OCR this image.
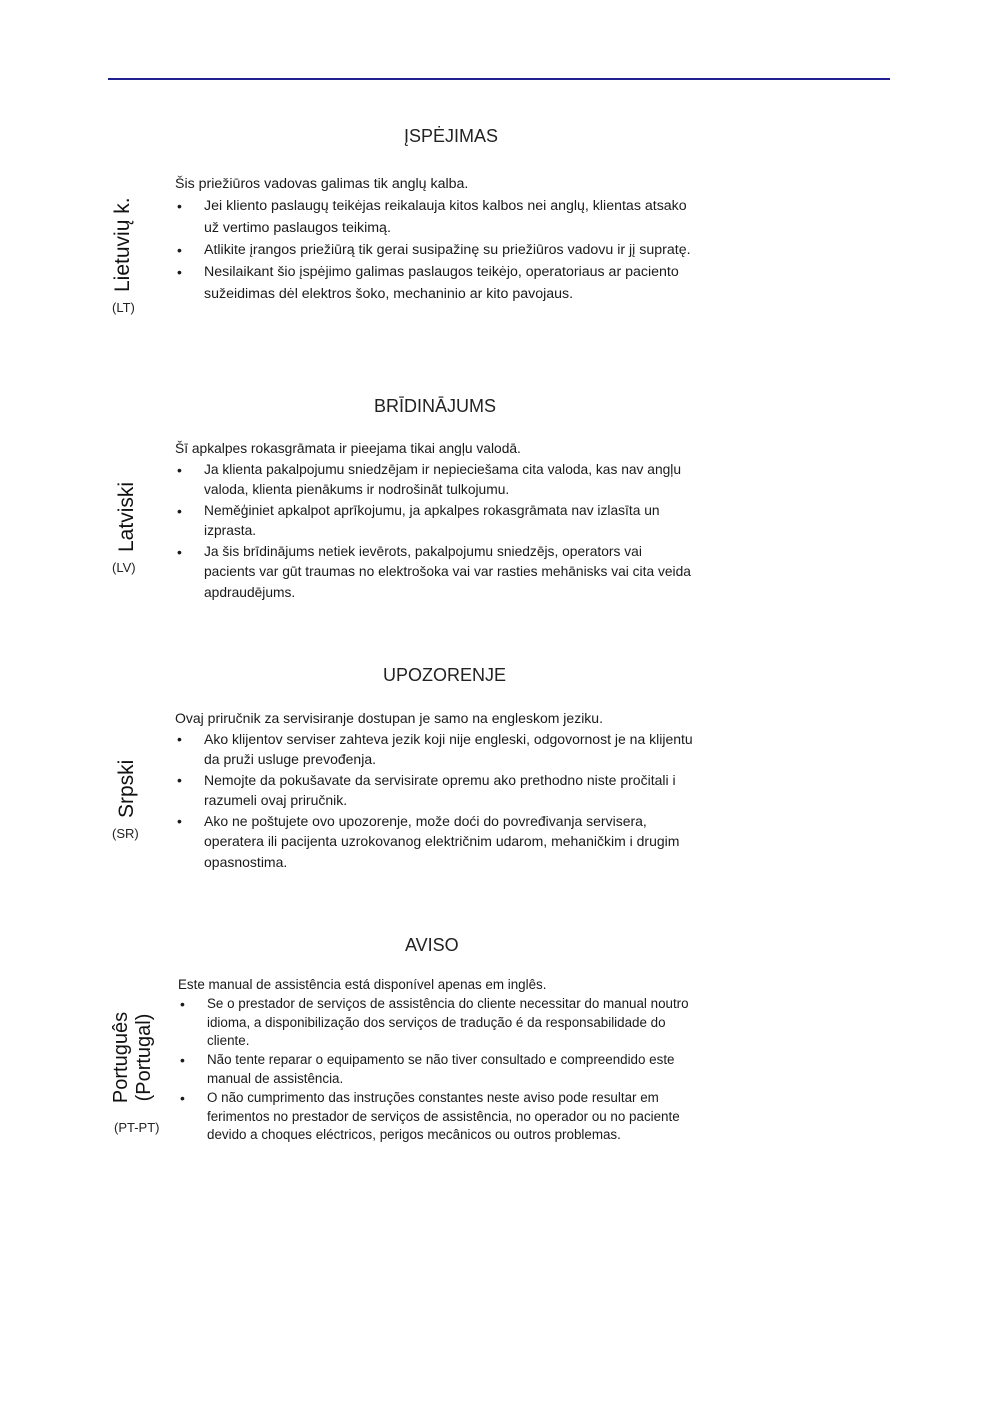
ĮSPĖJIMAS
Lietuvių k.
(LT)

Šis priežiūros vadovas galimas tik anglų kalba.

• Jei kliento paslaugų teikėjas reikalauja kitos kalbos nei anglų, klientas atsako už vertimo paslaugos teikimą.
• Atlikite įrangos priežiūrą tik gerai susipažinę su priežiūros vadovu ir jį supratę.
• Nesilaikant šio įspėjimo galimas paslaugos teikėjo, operatoriaus ar paciento sužeidimas dėl elektros šoko, mechaninio ar kito pavojaus.
BRĪDINĀJUMS
Latviski
(LV)

Šī apkalpes rokasgrāmata ir pieejama tikai angļu valodā.

• Ja klienta pakalpojumu sniedzējam ir nepieciešama cita valoda, kas nav angļu valoda, klienta pienākums ir nodrošināt tulkojumu.
• Neměģiniet apkalpot aprīkojumu, ja apkalpes rokasgrāmata nav izlasīta un izprasta.
• Ja šis brīdinājums netiek ievērots, pakalpojumu sniedzējs, operators vai pacients var gūt traumas no elektrošoka vai var rasties mehānisks vai cita veida apdraudējums.
UPOZORENJE
Srpski
(SR)

Ovaj priručnik za servisiranje dostupan je samo na engleskom jeziku.

• Ako klijentov serviser zahteva jezik koji nije engleski, odgovornost je na klijentu da pruži usluge prevođenja.
• Nemojte da pokušavate da servisirate opremu ako prethodno niste pročitali i razumeli ovaj priručnik.
• Ako ne poštujete ovo upozorenje, može doći do povređivanja servisera, operatera ili pacijenta uzrokovanog električnim udarom, mehaničkim i drugim opasnostima.
AVISO
Português (Portugal)
(PT-PT)

Este manual de assistência está disponível apenas em inglês.

• Se o prestador de serviços de assistência do cliente necessitar do manual noutro idioma, a disponibilização dos serviços de tradução é da responsabilidade do cliente.
• Não tente reparar o equipamento se não tiver consultado e compreendido este manual de assistência.
• O não cumprimento das instruções constantes neste aviso pode resultar em ferimentos no prestador de serviços de assistência, no operador ou no paciente devido a choques eléctricos, perigos mecânicos ou outros problemas.
